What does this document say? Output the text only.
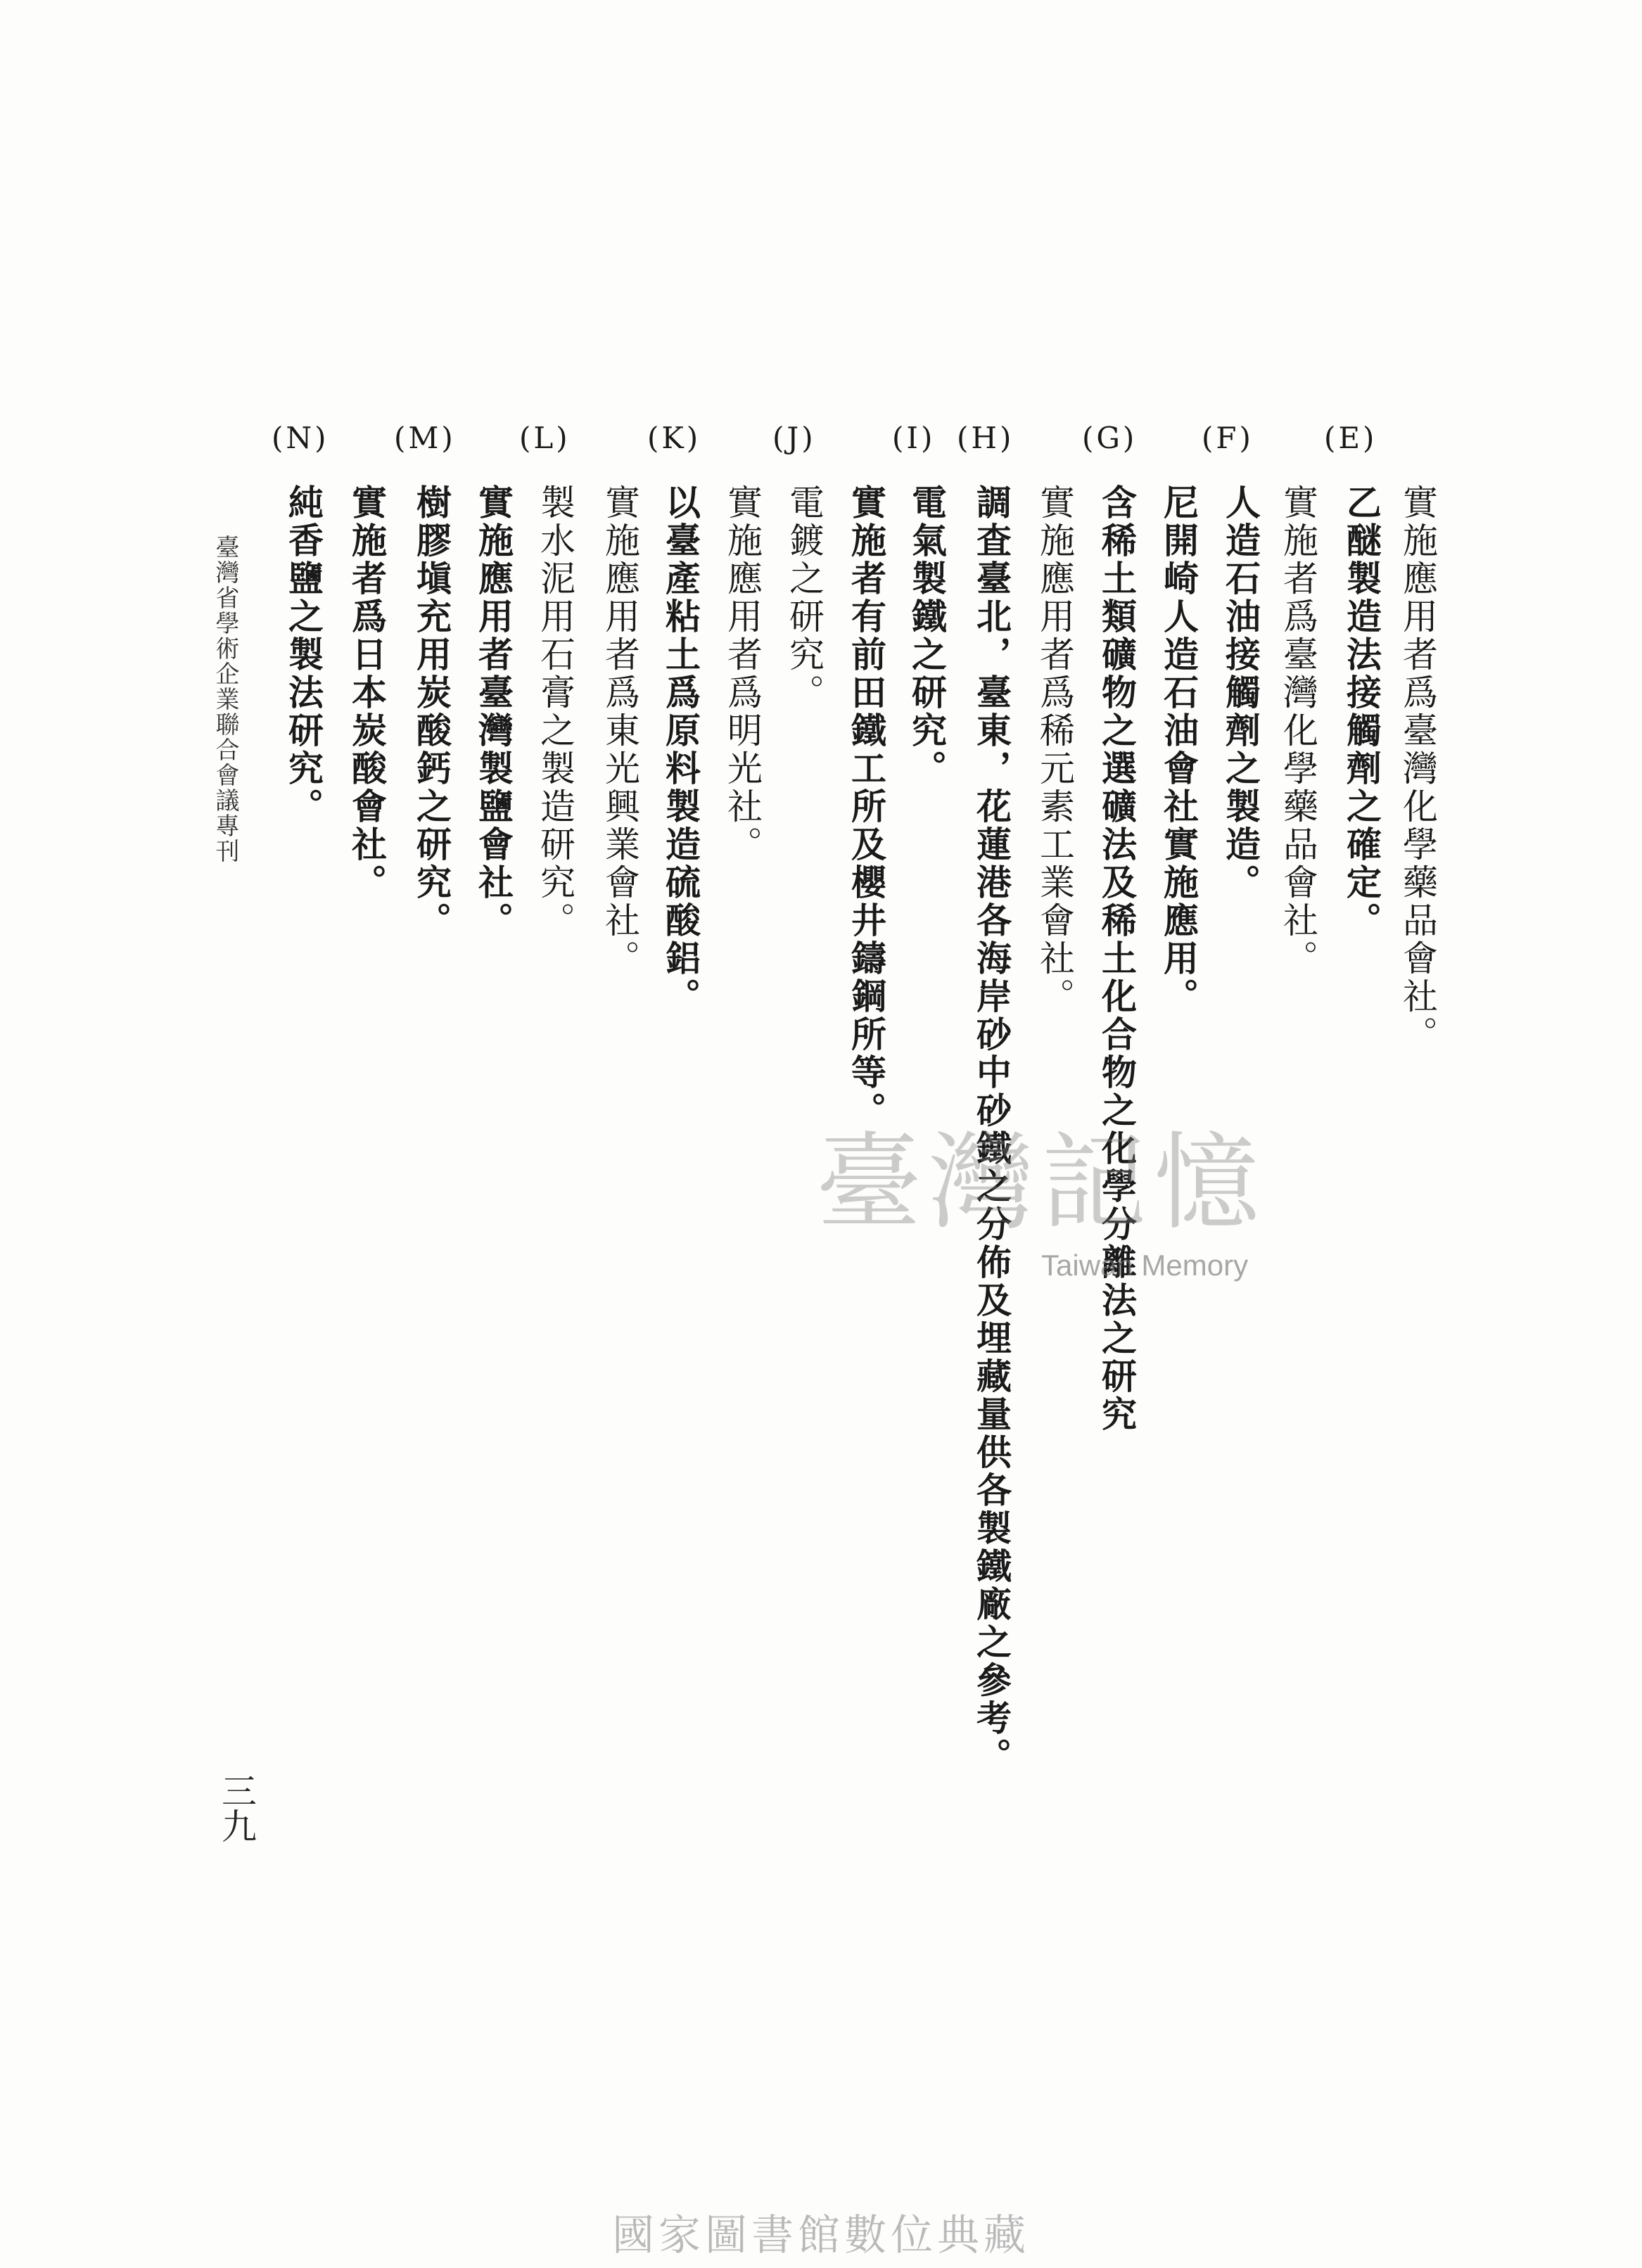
(E)
(F)
(G)
(I) (H)
(J)
(K)
(L)
(M)
(N)
實施應用者爲臺灣化學藥品會社。
乙醚製造法接觸劑之確定。
實施者爲臺灣化學藥品會社。
人造石油接觸劑之製造。
尼開崎人造石油會社實施應用。
含稀土類礦物之選礦法及稀土化合物之化學分離法之研究
實施應用者爲稀元素工業會社。
調査臺北，臺東，花蓮港各海岸砂中砂鐵之分佈及埋藏量供各製鐵廠之參考。
電氣製鐵之研究。
實施者有前田鐵工所及櫻井鑄鋼所等。
電鍍之研究。
實施應用者爲明光社。
以臺產粘土爲原料製造硫酸鋁。
實施應用者爲東光興業會社。
製水泥用石膏之製造研究。
實施應用者臺灣製鹽會社。
樹膠塡充用炭酸鈣之研究。
實施者爲日本炭酸會社。
純香鹽之製法研究。
臺灣省學術企業聯合會議專刊
三九
臺灣記憶
Taiwan Memory
國家圖書館數位典藏
